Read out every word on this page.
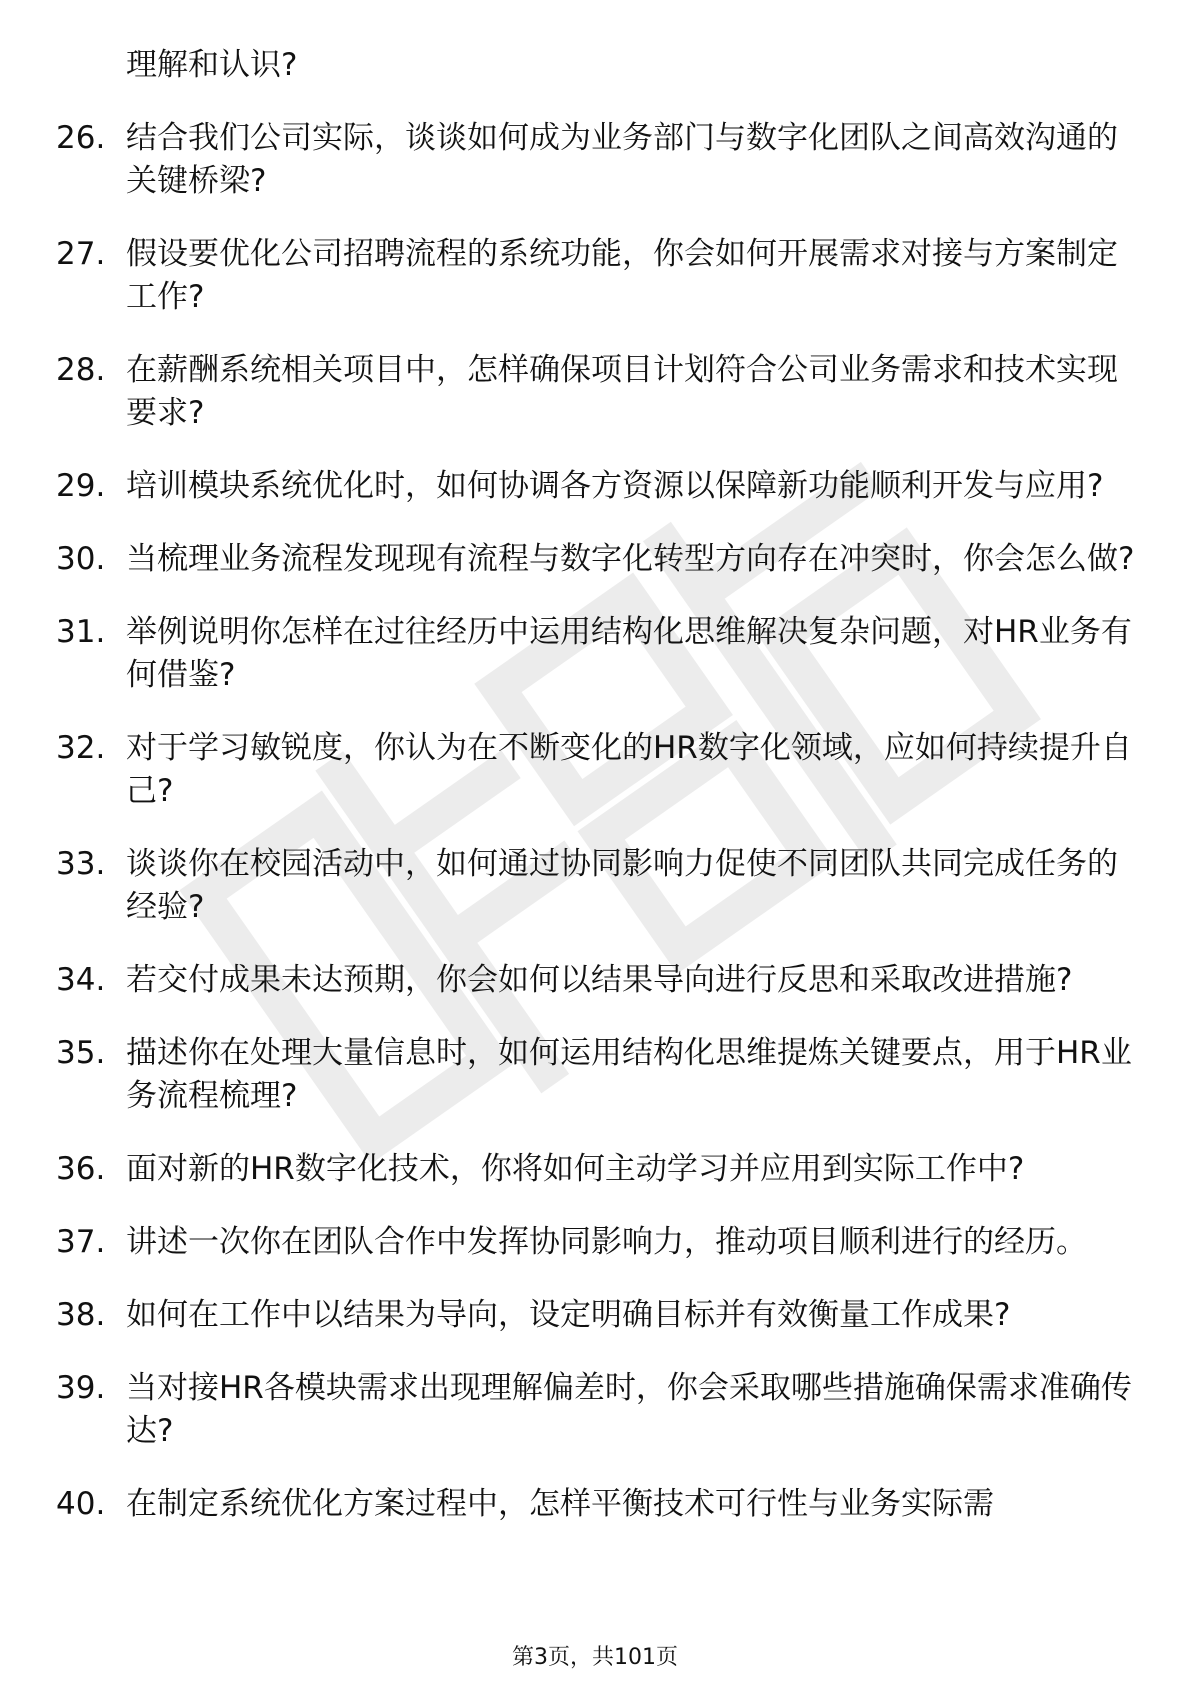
理解和认识?
26. 结合我们公司实际，谈谈如何成为业务部门与数字化团队之间高效沟通的关键桥梁?
27. 假设要优化公司招聘流程的系统功能，你会如何开展需求对接与方案制定工作?
28. 在薪酬系统相关项目中，怎样确保项目计划符合公司业务需求和技术实现要求?
29. 培训模块系统优化时，如何协调各方资源以保障新功能顺利开发与应用?
30. 当梳理业务流程发现现有流程与数字化转型方向存在冲突时，你会怎么做?
31. 举例说明你怎样在过往经历中运用结构化思维解决复杂问题，对HR业务有何借鉴?
32. 对于学习敏锐度，你认为在不断变化的HR数字化领域，应如何持续提升自己?
33. 谈谈你在校园活动中，如何通过协同影响力促使不同团队共同完成任务的经验?
34. 若交付成果未达预期，你会如何以结果导向进行反思和采取改进措施?
35. 描述你在处理大量信息时，如何运用结构化思维提炼关键要点，用于HR业务流程梳理?
36. 面对新的HR数字化技术，你将如何主动学习并应用到实际工作中?
37. 讲述一次你在团队合作中发挥协同影响力，推动项目顺利进行的经历。
38. 如何在工作中以结果为导向，设定明确目标并有效衡量工作成果?
39. 当对接HR各模块需求出现理解偏差时，你会采取哪些措施确保需求准确传达?
40. 在制定系统优化方案过程中，怎样平衡技术可行性与业务实际需
第3页，共101页
